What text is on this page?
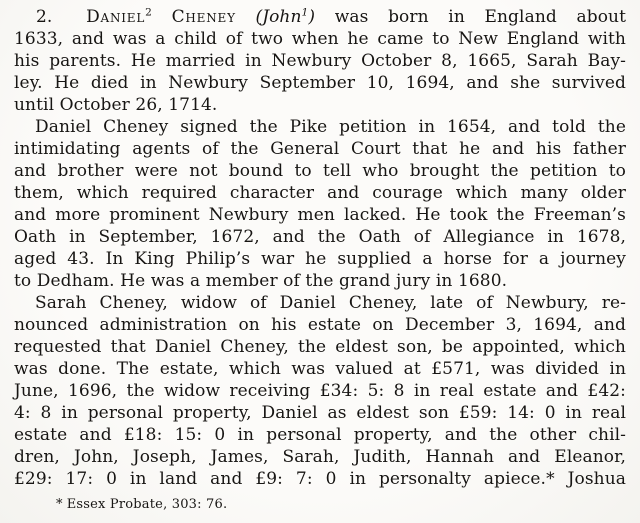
2. Daniel$^2$ Cheney (John$^1$) was born in England about
1633, and was a child of two when he came to New England with
his parents. He married in Newbury October 8, 1665, Sarah Bay-
ley. He died in Newbury September 10, 1694, and she survived
until October 26, 1714.
Daniel Cheney signed the Pike petition in 1654, and told the
intimidating agents of the General Court that he and his father
and brother were not bound to tell who brought the petition to
them, which required character and courage which many older
and more prominent Newbury men lacked. He took the Freeman’s
Oath in September, 1672, and the Oath of Allegiance in 1678,
aged 43. In King Philip’s war he supplied a horse for a journey
to Dedham. He was a member of the grand jury in 1680.
Sarah Cheney, widow of Daniel Cheney, late of Newbury, re-
nounced administration on his estate on December 3, 1694, and
requested that Daniel Cheney, the eldest son, be appointed, which
was done. The estate, which was valued at £571, was divided in
June, 1696, the widow receiving £34: 5: 8 in real estate and £42:
4: 8 in personal property, Daniel as eldest son £59: 14: 0 in real
estate and £18: 15: 0 in personal property, and the other chil-
dren, John, Joseph, James, Sarah, Judith, Hannah and Eleanor,
£29: 17: 0 in land and £9: 7: 0 in personalty apiece.* Joshua
* Essex Probate, 303: 76.
